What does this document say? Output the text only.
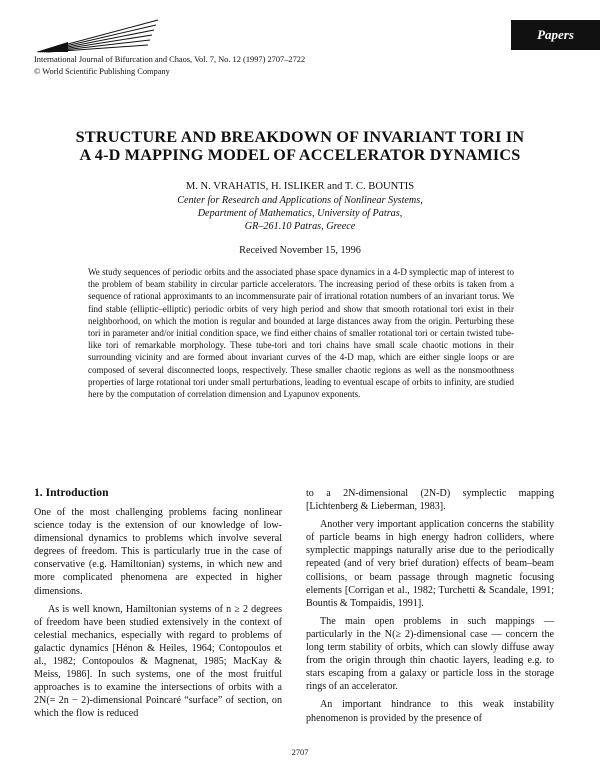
Papers
International Journal of Bifurcation and Chaos, Vol. 7, No. 12 (1997) 2707–2722
© World Scientific Publishing Company
STRUCTURE AND BREAKDOWN OF INVARIANT TORI IN
A 4-D MAPPING MODEL OF ACCELERATOR DYNAMICS
M. N. VRAHATIS, H. ISLIKER and T. C. BOUNTIS
Center for Research and Applications of Nonlinear Systems,
Department of Mathematics, University of Patras,
GR–261.10 Patras, Greece
Received November 15, 1996
We study sequences of periodic orbits and the associated phase space dynamics in a 4-D symplectic map of interest to the problem of beam stability in circular particle accelerators. The increasing period of these orbits is taken from a sequence of rational approximants to an incommensurate pair of irrational rotation numbers of an invariant torus. We find stable (elliptic–elliptic) periodic orbits of very high period and show that smooth rotational tori exist in their neighborhood, on which the motion is regular and bounded at large distances away from the origin. Perturbing these tori in parameter and/or initial condition space, we find either chains of smaller rotational tori or certain twisted tube-like tori of remarkable morphology. These tube-tori and tori chains have small scale chaotic motions in their surrounding vicinity and are formed about invariant curves of the 4-D map, which are either single loops or are composed of several disconnected loops, respectively. These smaller chaotic regions as well as the nonsmoothness properties of large rotational tori under small perturbations, leading to eventual escape of orbits to infinity, are studied here by the computation of correlation dimension and Lyapunov exponents.
1. Introduction

One of the most challenging problems facing nonlinear science today is the extension of our knowledge of low-dimensional dynamics to problems which involve several degrees of freedom. This is particularly true in the case of conservative (e.g. Hamiltonian) systems, in which new and more complicated phenomena are expected in higher dimensions.

As is well known, Hamiltonian systems of n ≥ 2 degrees of freedom have been studied extensively in the context of celestial mechanics, especially with regard to problems of galactic dynamics [Hénon & Heiles, 1964; Contopoulos et al., 1982; Contopoulos & Magnenat, 1985; MacKay & Meiss, 1986]. In such systems, one of the most fruitful approaches is to examine the intersections of orbits with a 2N(= 2n − 2)-dimensional Poincaré “surface” of section, on which the flow is reduced

to a 2N-dimensional (2N-D) symplectic mapping [Lichtenberg & Lieberman, 1983].

Another very important application concerns the stability of particle beams in high energy hadron colliders, where symplectic mappings naturally arise due to the periodically repeated (and of very brief duration) effects of beam–beam collisions, or beam passage through magnetic focusing elements [Corrigan et al., 1982; Turchetti & Scandale, 1991; Bountis & Tompaidis, 1991].

The main open problems in such mappings — particularly in the N(≥ 2)-dimensional case — concern the long term stability of orbits, which can slowly diffuse away from the origin through thin chaotic layers, leading e.g. to stars escaping from a galaxy or particle loss in the storage rings of an accelerator.

An important hindrance to this weak instability phenomenon is provided by the presence of

2707
